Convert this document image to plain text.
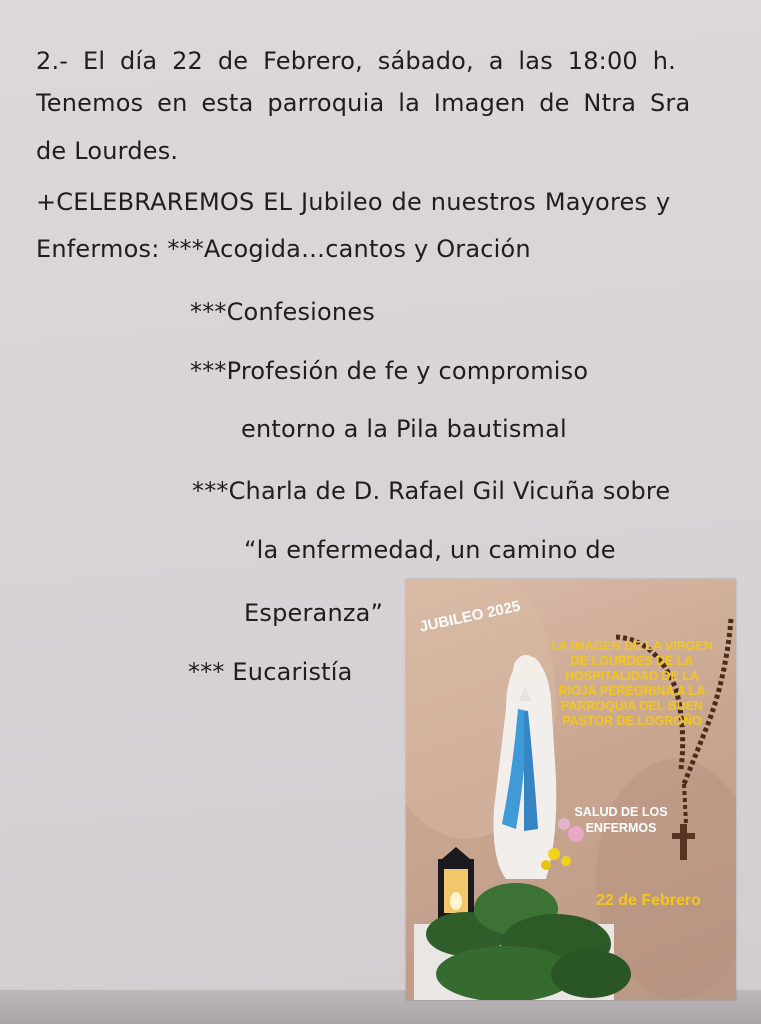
2.- El día 22 de Febrero, sábado, a las 18:00 h.
Tenemos en esta parroquia la Imagen de Ntra Sra
de Lourdes.
+CELEBRAREMOS EL Jubileo de nuestros Mayores y
Enfermos: ***Acogida…cantos y Oración
***Confesiones
***Profesión de fe y compromiso
entorno a la Pila bautismal
***Charla de D. Rafael Gil Vicuña sobre
“la enfermedad, un camino de
Esperanza”
*** Eucaristía
JUBILEO 2025
LA IMAGEN DE LA VIRGEN DE LOURDES DE LA HOSPITALIDAD DE LA RIOJA PEREGRINA A LA PARROQUIA DEL BUEN PASTOR DE LOGROÑO
SALUD DE LOS ENFERMOS
22 de Febrero
